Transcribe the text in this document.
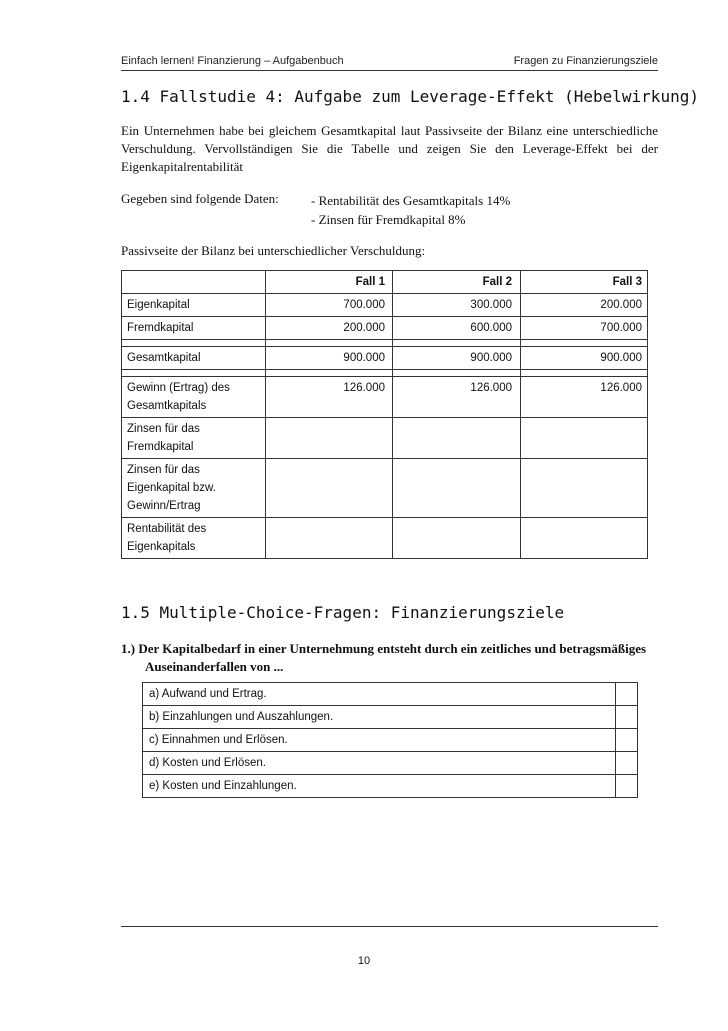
Einfach lernen! Finanzierung – Aufgabenbuch	Fragen zu Finanzierungsziele
1.4 Fallstudie 4: Aufgabe zum Leverage-Effekt (Hebelwirkung)
Ein Unternehmen habe bei gleichem Gesamtkapital laut Passivseite der Bilanz eine unterschiedliche Verschuldung. Vervollständigen Sie die Tabelle und zeigen Sie den Leverage-Effekt bei der Eigenkapitalrentabilität
Gegeben sind folgende Daten: - Rentabilität des Gesamtkapitals 14%
- Zinsen für Fremdkapital 8%
Passivseite der Bilanz bei unterschiedlicher Verschuldung:
	Fall 1	Fall 2	Fall 3
Eigenkapital	700.000	300.000	200.000
Fremdkapital	200.000	600.000	700.000

Gesamtkapital	900.000	900.000	900.000

Gewinn (Ertrag) des Gesamtkapitals	126.000	126.000	126.000
Zinsen für das Fremdkapital			
Zinsen für das Eigenkapital bzw. Gewinn/Ertrag			
Rentabilität des Eigenkapitals			
1.5 Multiple-Choice-Fragen: Finanzierungsziele
1.) Der Kapitalbedarf in einer Unternehmung entsteht durch ein zeitliches und betragsmäßiges
Auseinanderfallen von ...
a) Aufwand und Ertrag.	
b) Einzahlungen und Auszahlungen.	
c) Einnahmen und Erlösen.	
d) Kosten und Erlösen.	
e) Kosten und Einzahlungen.	
10
